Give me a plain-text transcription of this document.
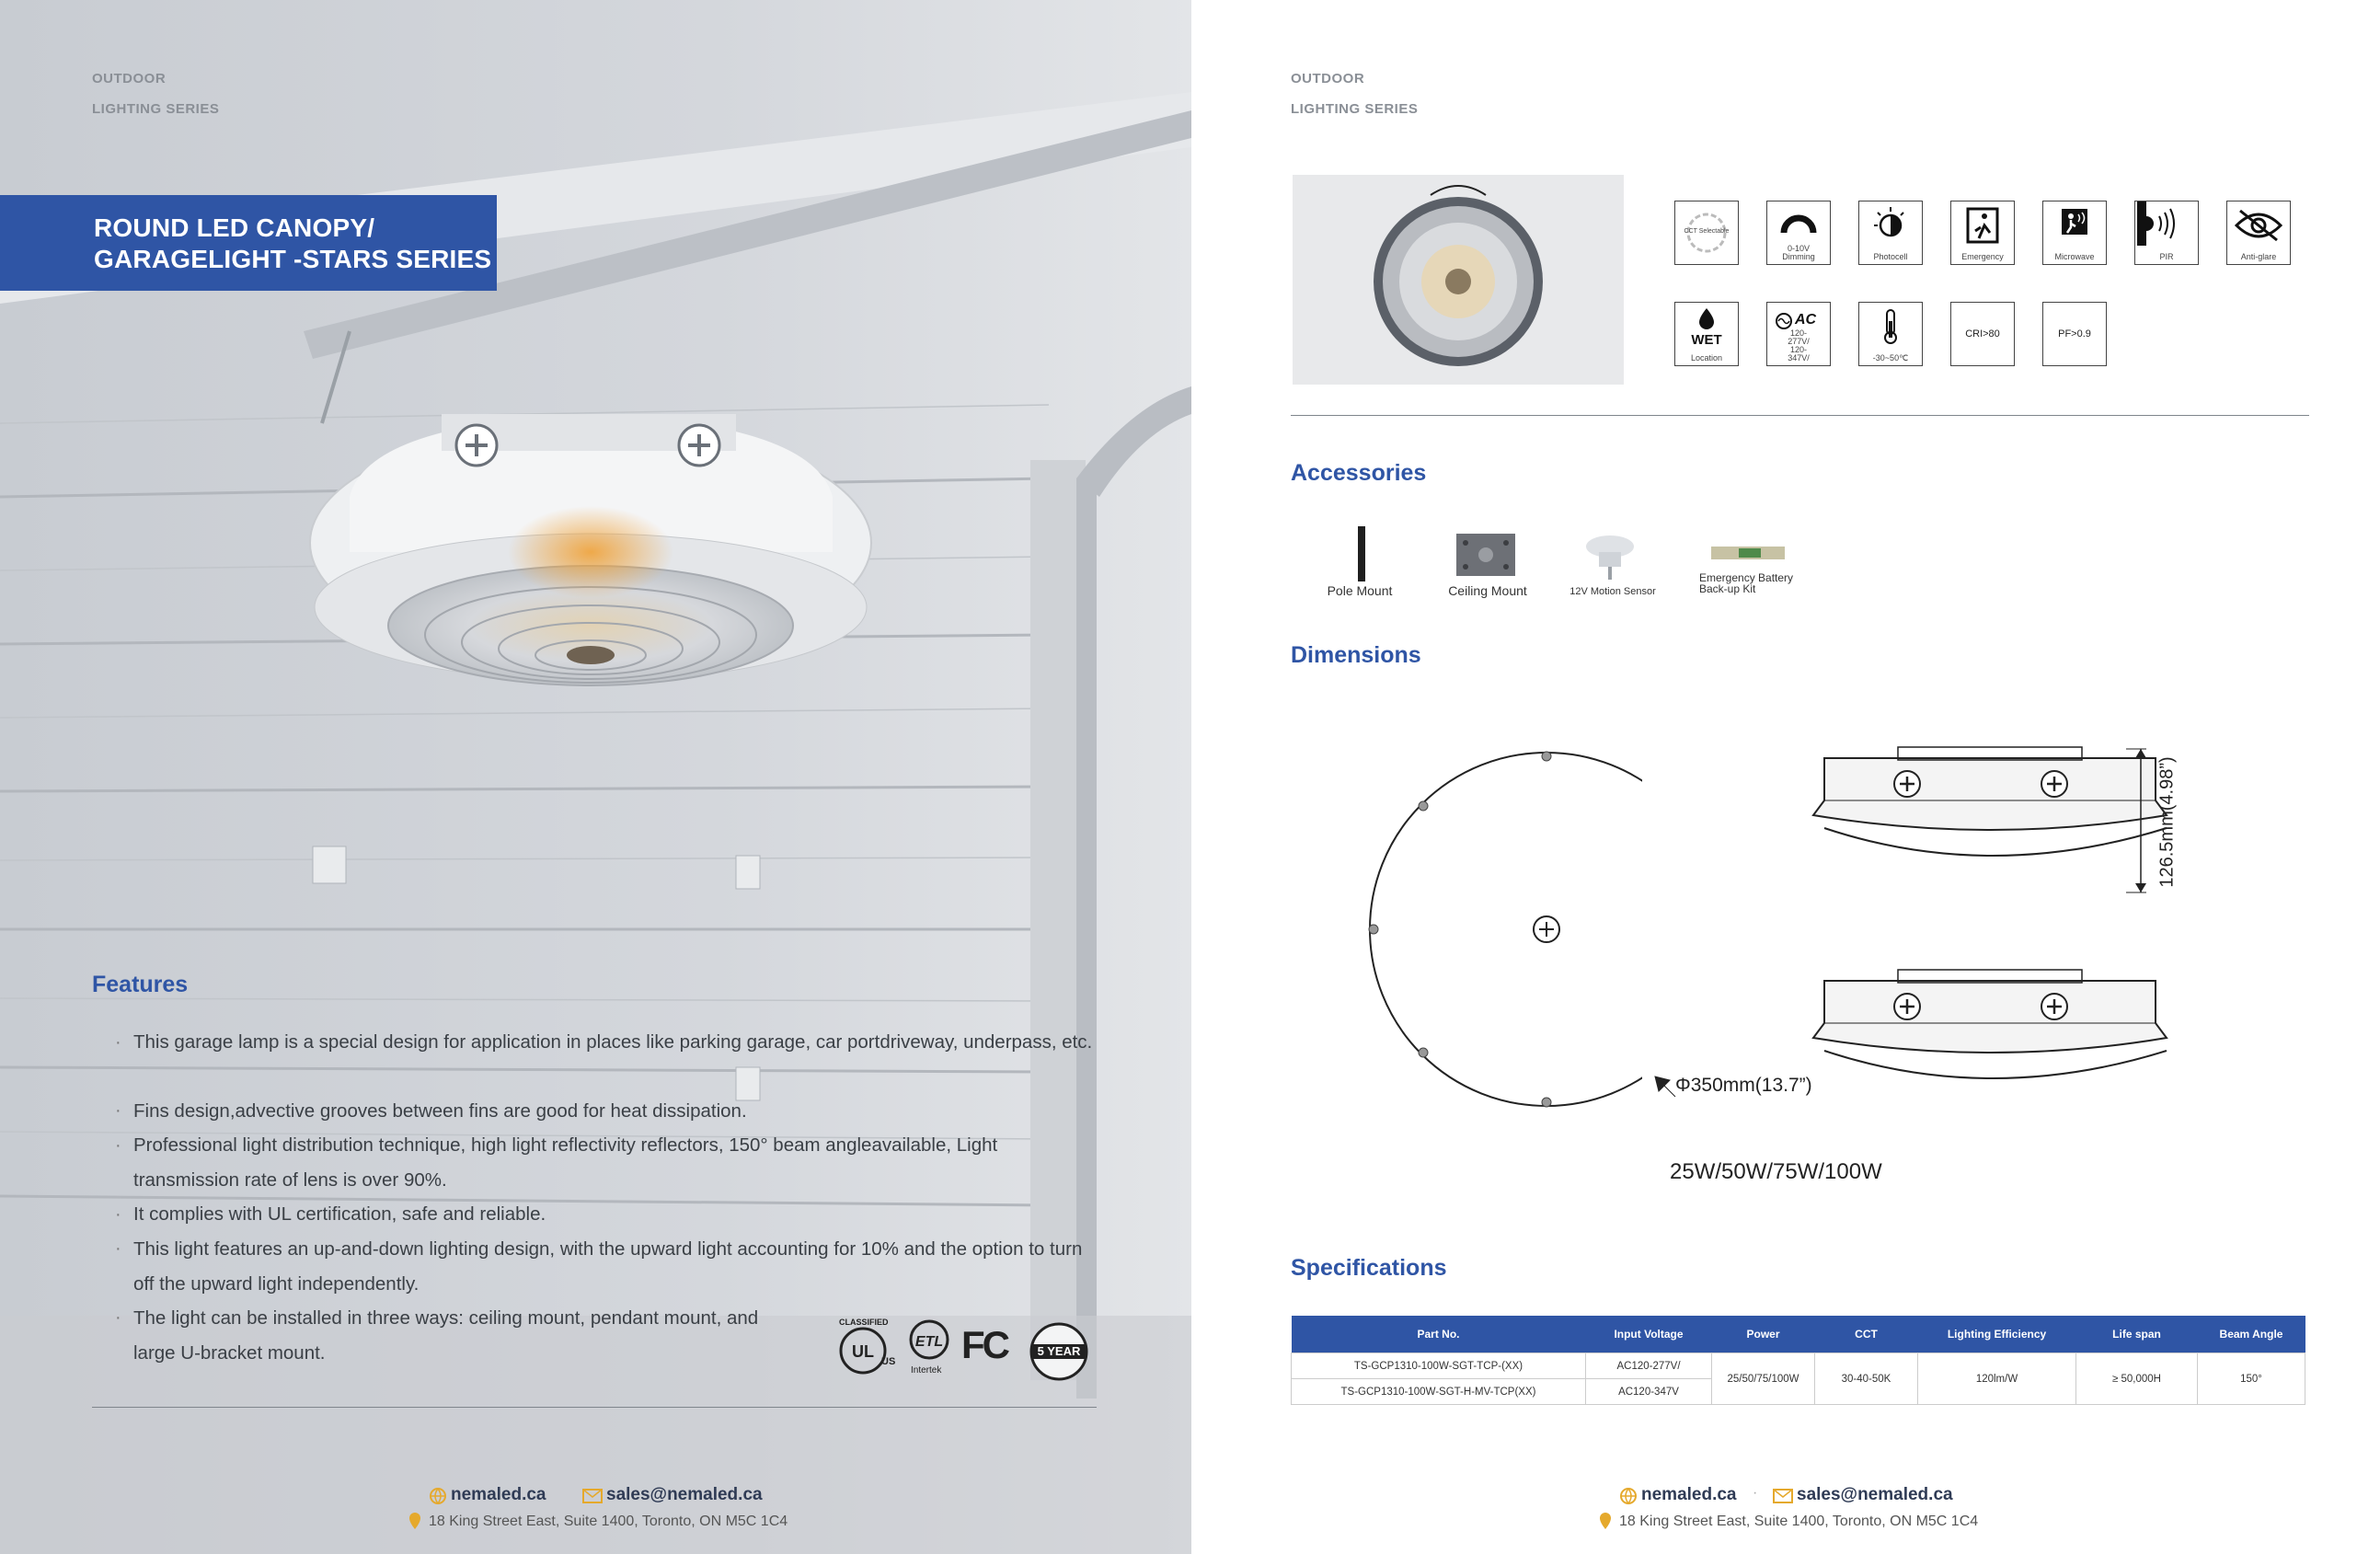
OUTDOOR
LIGHTING SERIES
ROUND LED CANOPY/
GARAGELIGHT -STARS SERIES
Features
· This garage lamp is a special design for application in places like parking garage, car portdriveway, underpass, etc.
· Fins design,advective grooves between fins are good for heat dissipation.
· Professional light distribution technique, high light reflectivity reflectors, 150° beam angleavailable, Light transmission rate of lens is over 90%.
· It complies with UL certification, safe and reliable.
· This light features an up-and-down lighting design, with the upward light accounting for 10% and the option to turn off the upward light independently.
· The light can be installed in three ways: ceiling mount, pendant mount, and large U-bracket mount.	UL
CLASSIFIED
US
ETL
Intertek
FC	5 YEAR
nemaled.ca	sales@nemaled.ca
18 King Street East, Suite 1400, Toronto, ON M5C 1C4
OUTDOOR
LIGHTING SERIES
CCT Selectable
0-10V Dimming	Photocell	Emergency	Microwave	PIR	Anti-glare
WET
Location
AC
120-277V/ 120-347V/	-30~50℃
CRI>80	PF>0.9
Accessories
Pole Mount	Ceiling Mount	12V Motion Sensor
Emergency Battery Back-up Kit
Dimensions
Φ350mm(13.7”)
126.5mm(4.98”)
25W/50W/75W/100W
Specifications
Part No.	Input Voltage	Power	CCT	Lighting Efficiency	Life span	Beam Angle
TS-GCP1310-100W-SGT-TCP-(XX)	AC120-277V/	25/50/75/100W	30-40-50K	120lm/W	≥ 50,000H	150°
TS-GCP1310-100W-SGT-H-MV-TCP(XX)	AC120-347V					
nemaled.ca · sales@nemaled.ca
18 King Street East, Suite 1400, Toronto, ON M5C 1C4
